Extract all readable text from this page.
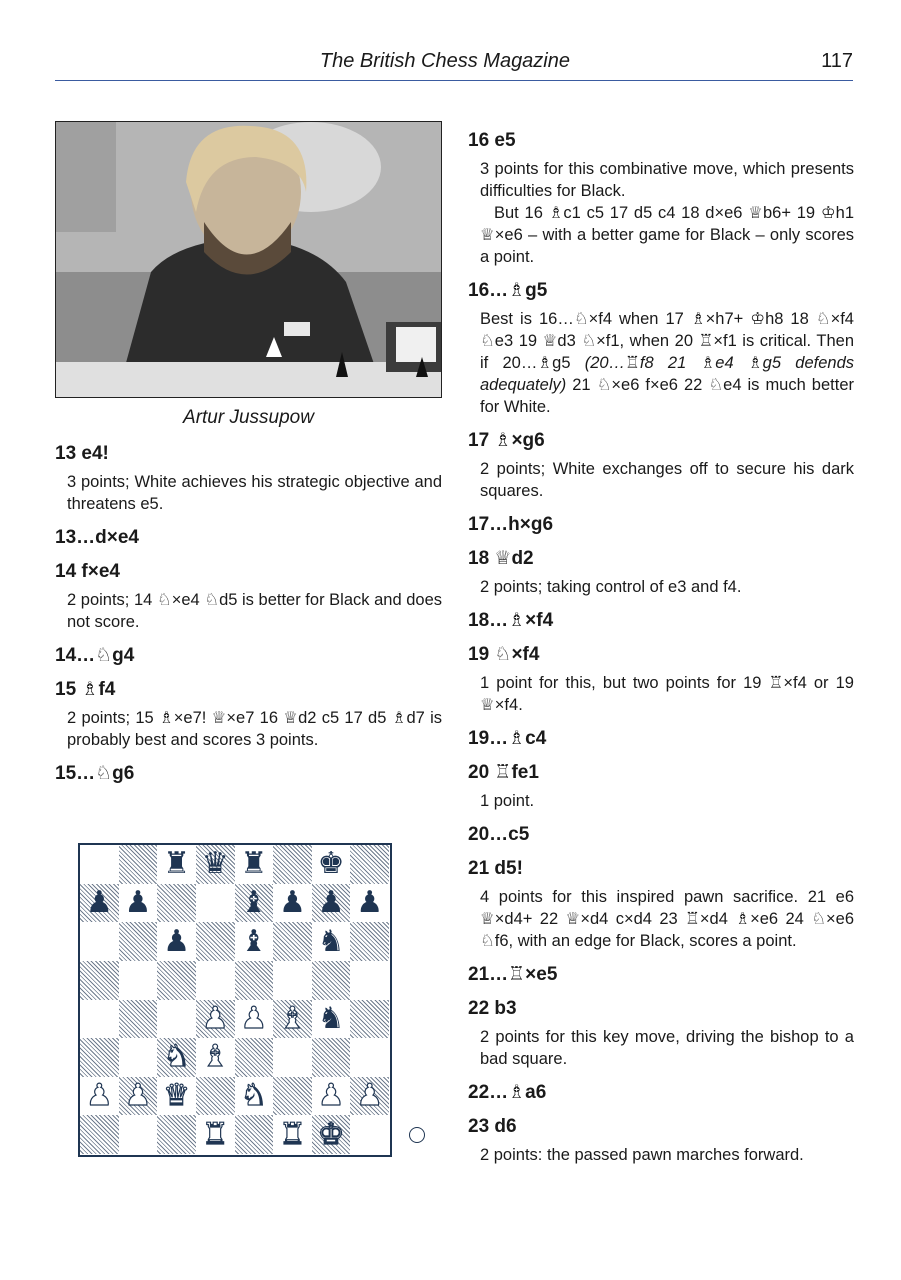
The British Chess Magazine	117
Artur Jussupow
13 e4!

3 points; White achieves his strategic objective and threatens e5.

13…d×e4
14 f×e4

2 points; 14 ♘×e4 ♘d5 is better for Black and does not score.

14…♘g4
15 ♗f4

2 points; 15 ♗×e7! ♕×e7 16 ♕d2 c5 17 d5 ♗d7 is probably best and scores 3 points.

15…♘g6
♜ ♛ ♜ ♚
♟ ♟	♝ ♟ ♟ ♟
♟ ♝ ♞
♟ ♟ ♝ ♞
♞ ♝
♟ ♟ ♛ ♞ ♟ ♟
♜ ♜ ♚
16 e5

3 points for this combinative move, which presents difficulties for Black.

But 16 ♗c1 c5 17 d5 c4 18 d×e6 ♕b6+ 19 ♔h1 ♕×e6 – with a better game for Black – only scores a point.

16…♗g5

Best is 16…♘×f4 when 17 ♗×h7+ ♔h8 18 ♘×f4 ♘e3 19 ♕d3 ♘×f1, when 20 ♖×f1 is critical. Then if 20…♗g5 (20…♖f8 21 ♗e4 ♗g5 defends adequately) 21 ♘×e6 f×e6 22 ♘e4 is much better for White.

17 ♗×g6

2 points; White exchanges off to secure his dark squares.

17…h×g6
18 ♕d2

2 points; taking control of e3 and f4.

18…♗×f4
19 ♘×f4

1 point for this, but two points for 19 ♖×f4 or 19 ♕×f4.

19…♗c4
20 ♖fe1

1 point.

20…c5
21 d5!

4 points for this inspired pawn sacrifice. 21 e6 ♕×d4+ 22 ♕×d4 c×d4 23 ♖×d4 ♗×e6 24 ♘×e6 ♘f6, with an edge for Black, scores a point.

21…♖×e5
22 b3

2 points for this key move, driving the bishop to a bad square.

22…♗a6
23 d6

2 points: the passed pawn marches forward.
